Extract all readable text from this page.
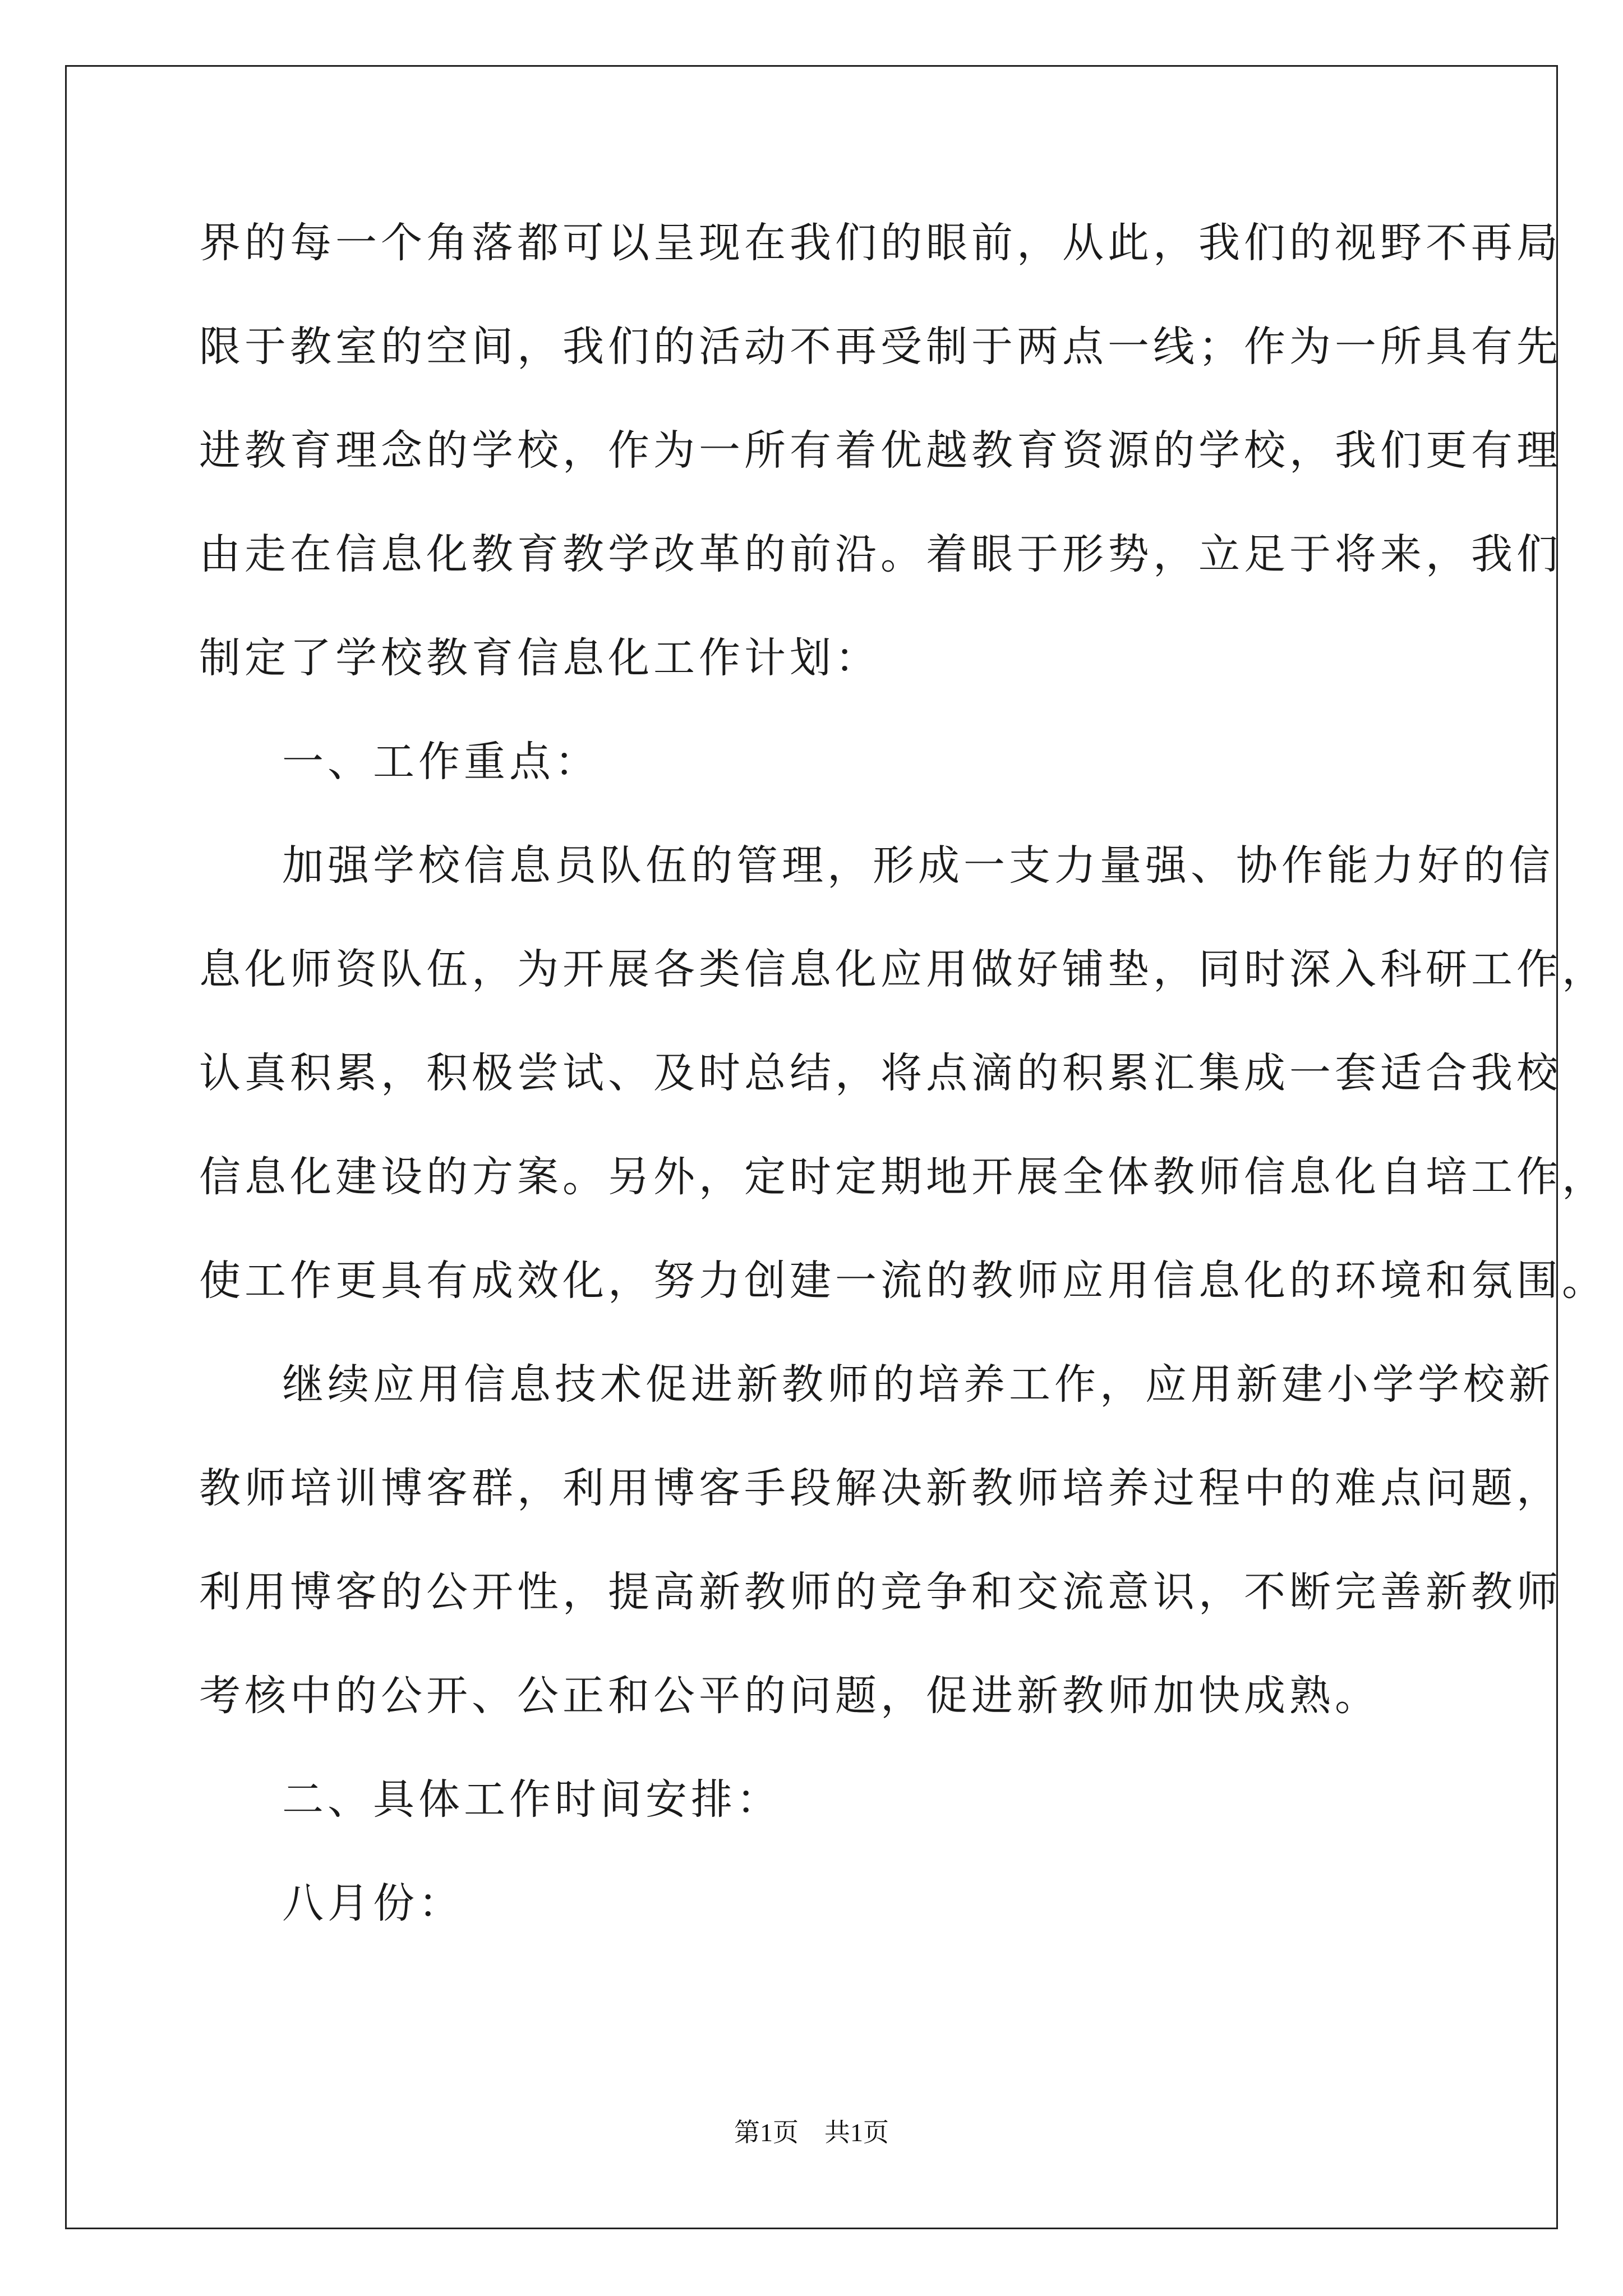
界的每一个角落都可以呈现在我们的眼前，从此，我们的视野不再局
限于教室的空间，我们的活动不再受制于两点一线；作为一所具有先
进教育理念的学校，作为一所有着优越教育资源的学校，我们更有理
由走在信息化教育教学改革的前沿。着眼于形势，立足于将来，我们
制定了学校教育信息化工作计划：
一、工作重点：
加强学校信息员队伍的管理，形成一支力量强、协作能力好的信
息化师资队伍，为开展各类信息化应用做好铺垫，同时深入科研工作，
认真积累，积极尝试、及时总结，将点滴的积累汇集成一套适合我校
信息化建设的方案。另外，定时定期地开展全体教师信息化自培工作，
使工作更具有成效化，努力创建一流的教师应用信息化的环境和氛围。
继续应用信息技术促进新教师的培养工作，应用新建小学学校新
教师培训博客群，利用博客手段解决新教师培养过程中的难点问题，
利用博客的公开性，提高新教师的竞争和交流意识，不断完善新教师
考核中的公开、公正和公平的问题，促进新教师加快成熟。
二、具体工作时间安排：
八月份：
第1页　共1页
